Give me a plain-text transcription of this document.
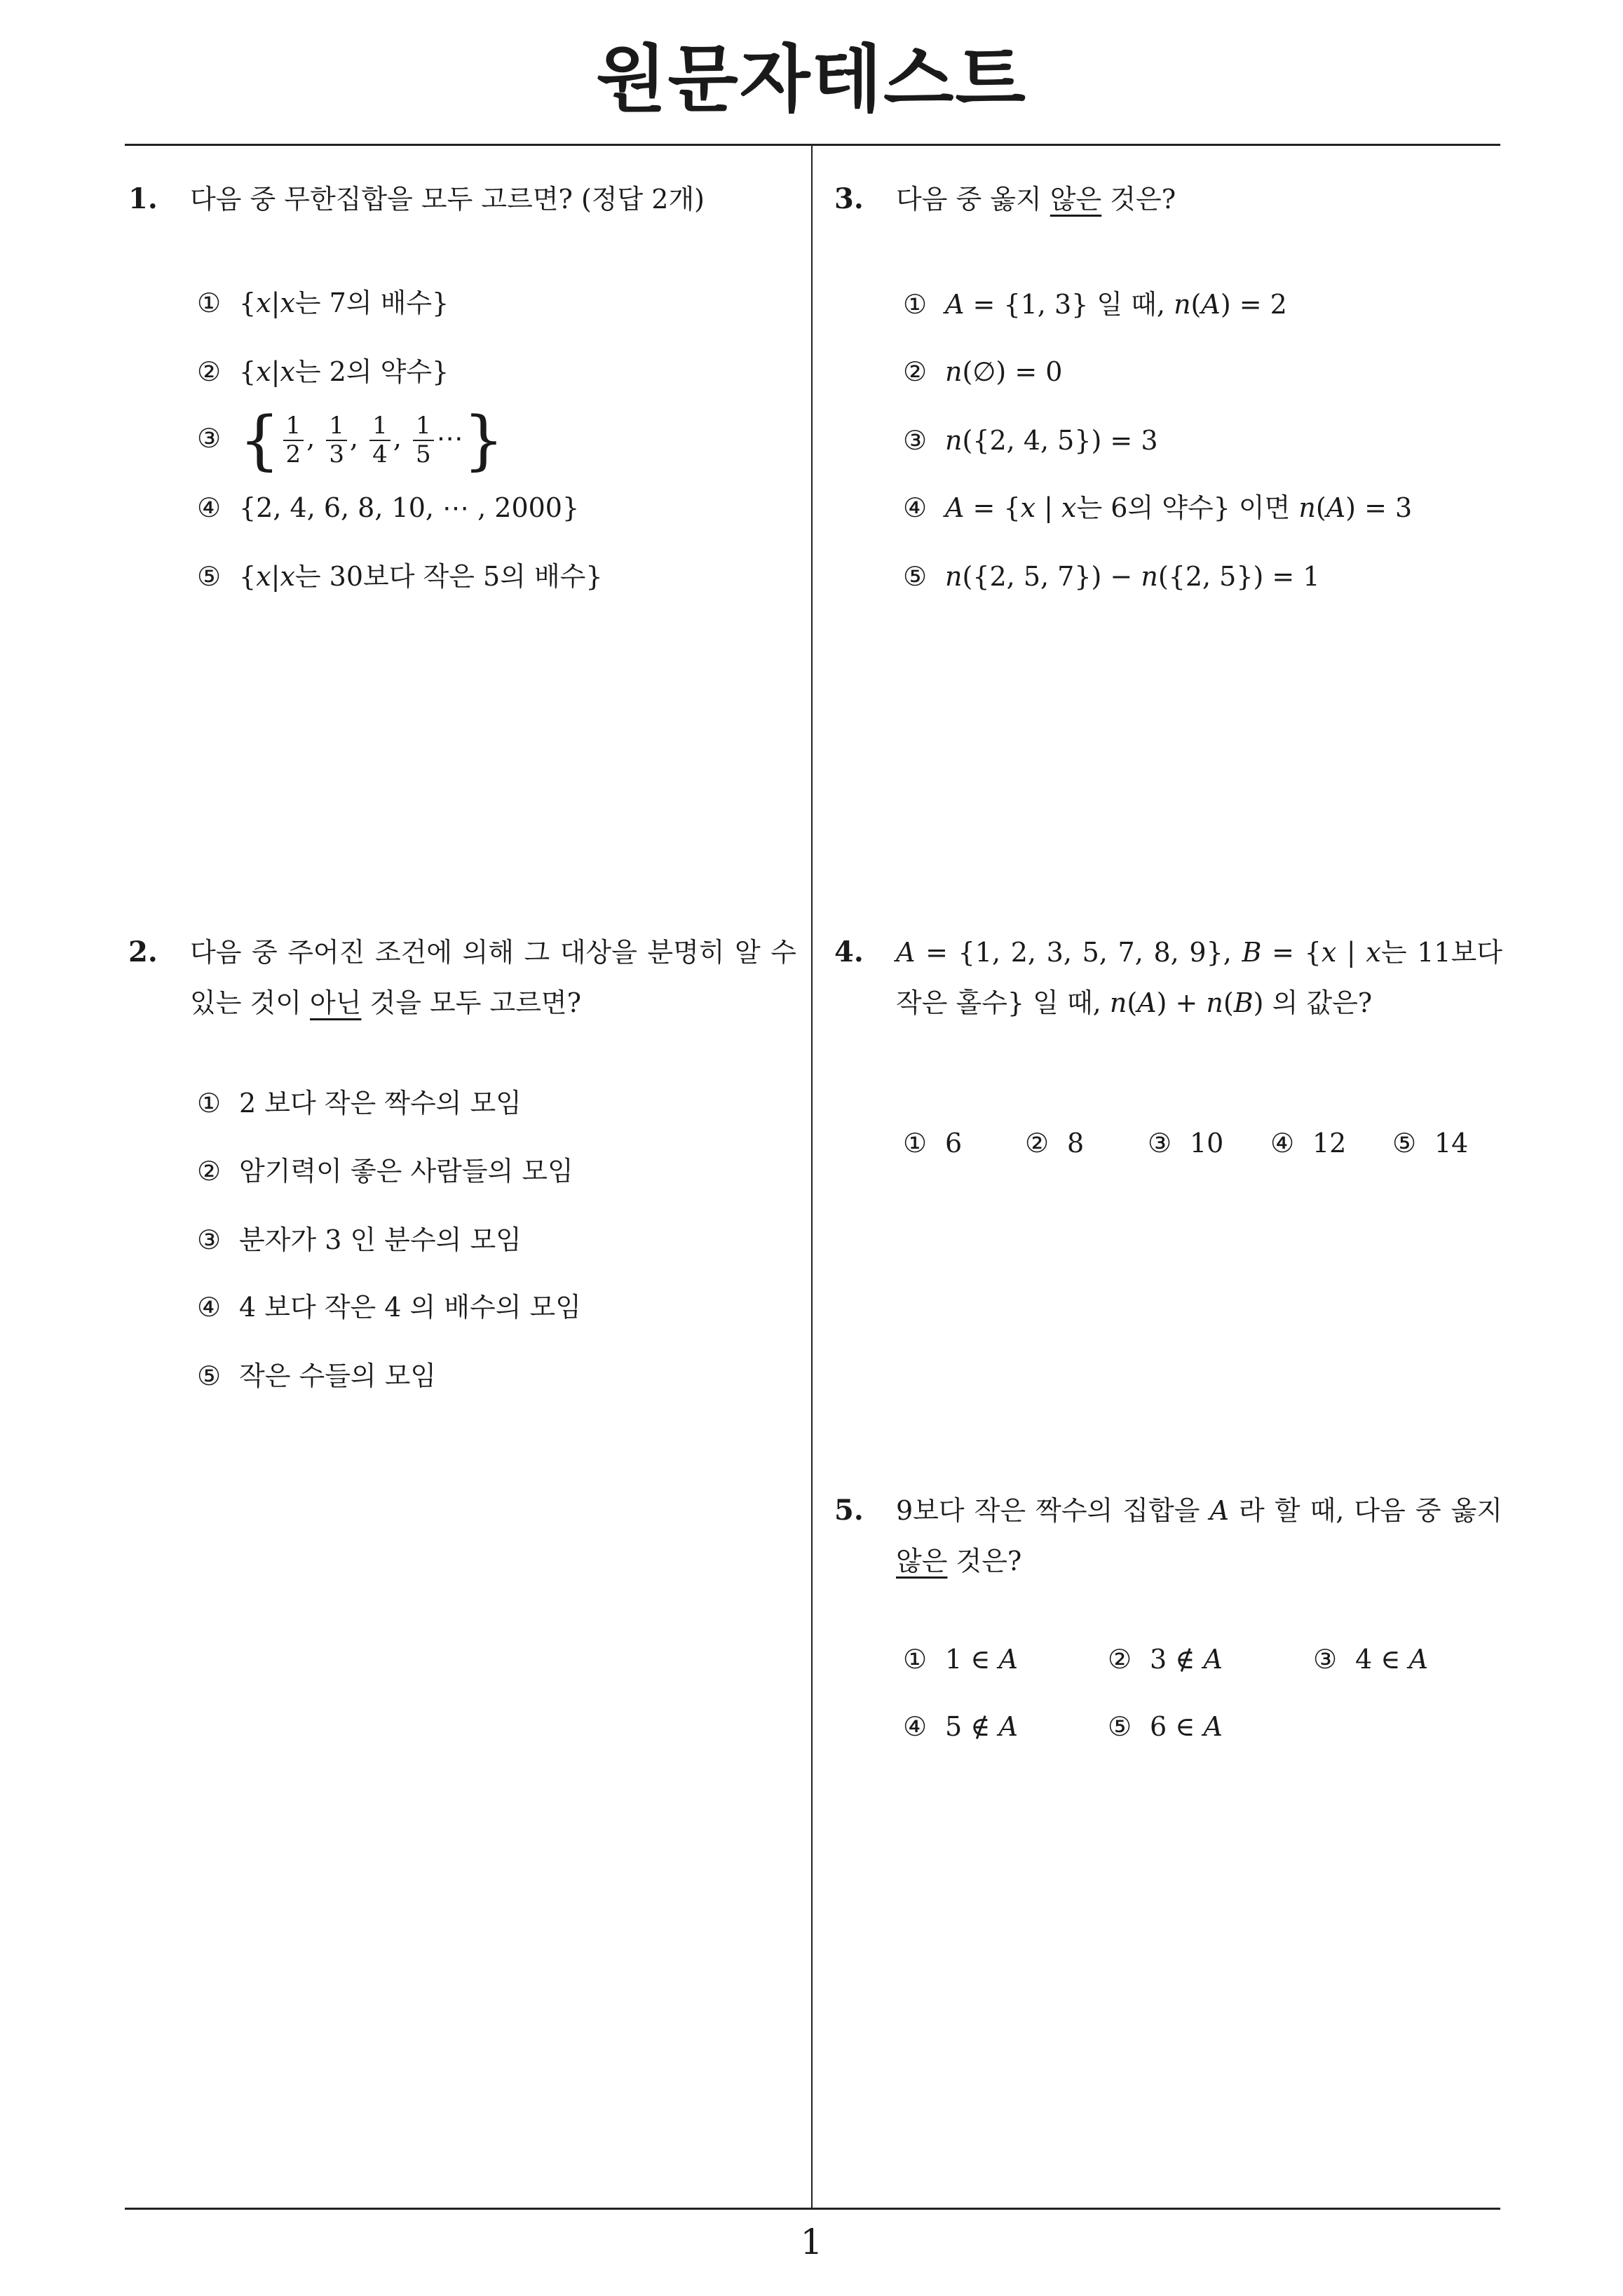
원문자테스트
1. 다음 중 무한집합을 모두 고르면? (정답 2개)
① {x|x는 7의 배수}
② {x|x는 2의 약수}
③ { $\frac{1}{2}$ , $\frac{1}{3}$ , $\frac{1}{4}$ , $\frac{1}{5}$ ⋯}
④ {2, 4, 6, 8, 10, ⋯ , 2000}
⑤ {x|x는 30보다 작은 5의 배수}
2. 다음 중 주어진 조건에 의해 그 대상을 분명히 알 수 있는 것이 아닌 것을 모두 고르면?
2 보다 작은 짝수의 모임
암기력이 좋은 사람들의 모임
분자가 3 인 분수의 모임
4 보다 작은 4 의 배수의 모임
작은 수들의 모임
①
②
③
④
⑤
3. 다음 중 옳지 않은 것은?
① A = {1, 3} 일 때, n(A) = 2
② n(∅) = 0
③ n({2, 4, 5}) = 3
④ A = {x | x는 6의 약수} 이면 n(A) = 3
⑤ n({2, 5, 7}) − n({2, 5}) = 1
4. A = {1, 2, 3, 5, 7, 8, 9}, B = {x | x는 11보다 작은 홀수} 일 때, n(A) + n(B) 의 값은?
① 6 ② 8 ③ 10 ④ 12 ⑤ 14
5. 9보다 작은 짝수의 집합을 A 라 할 때, 다음 중 옳지 않은 것은?
① 1 ∈ A	② 3 ∉ A	③ 4 ∈ A
④ 5 ∉ A	⑤ 6 ∈ A
1
